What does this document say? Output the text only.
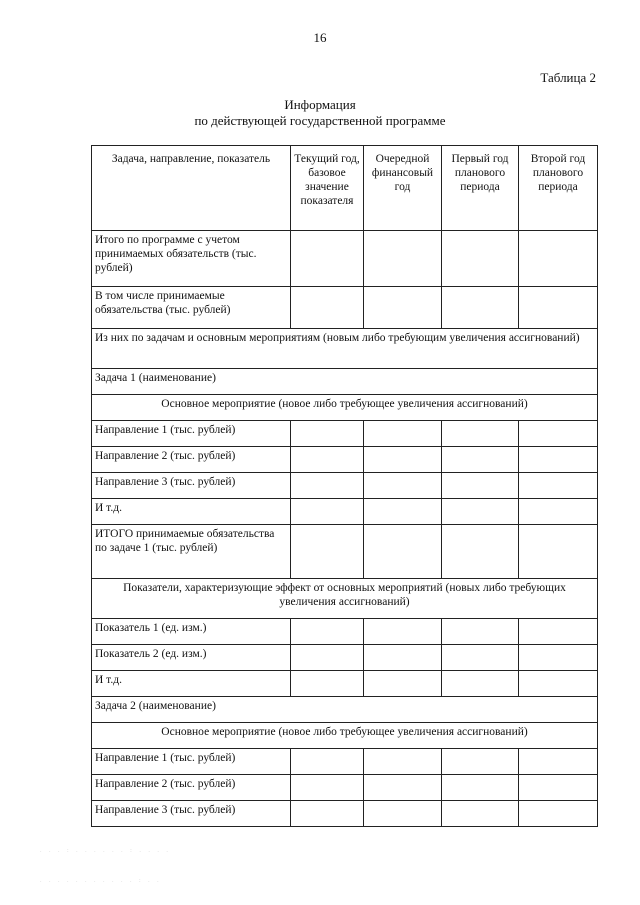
16
Таблица 2
Информация
по действующей государственной программе
Задача, направление, показатель	Текущий год, базовое значение показателя	Очередной финансовый год	Первый год планового периода	Второй год планового периода
Итого по программе с учетом принимаемых обязательств (тыс. рублей)				
В том числе принимаемые обязательства (тыс. рублей)				
Из них по задачам и основным мероприятиям (новым либо требующим увеличения ассигнований)				
Задача 1 (наименование)				
Основное мероприятие (новое либо требующее увеличения ассигнований)				
Направление 1 (тыс. рублей)				
Направление 2 (тыс. рублей)				
Направление 3 (тыс. рублей)				
И т.д.				
ИТОГО принимаемые обязательства по задаче 1 (тыс. рублей)				
Показатели, характеризующие эффект от основных мероприятий (новых либо требующих увеличения ассигнований)				
Показатель 1 (ед. изм.)				
Показатель 2 (ед. изм.)				
И т.д.				
Задача 2 (наименование)				
Основное мероприятие (новое либо требующее увеличения ассигнований)				
Направление 1 (тыс. рублей)				
Направление 2 (тыс. рублей)				
Направление 3 (тыс. рублей)				
. . . : . . . . . . : . . . .
. . . . . . . . . . . : . .
